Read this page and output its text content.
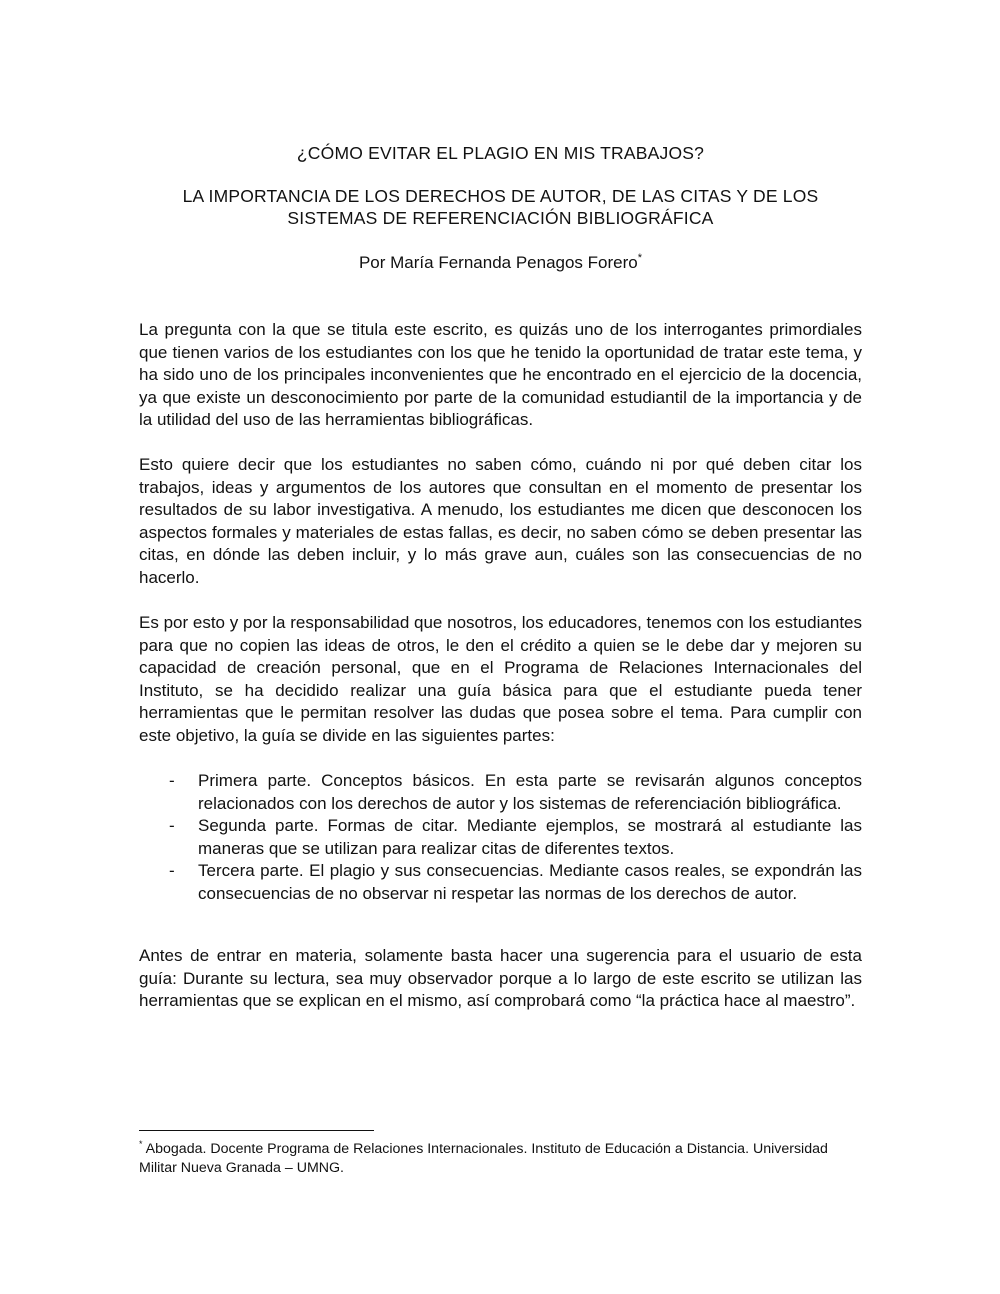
¿CÓMO EVITAR EL PLAGIO EN MIS TRABAJOS?
LA IMPORTANCIA DE LOS DERECHOS DE AUTOR, DE LAS CITAS Y DE LOS SISTEMAS DE REFERENCIACIÓN BIBLIOGRÁFICA
Por María Fernanda Penagos Forero*

La pregunta con la que se titula este escrito, es quizás uno de los interrogantes primordiales que tienen varios de los estudiantes con los que he tenido la oportunidad de tratar este tema, y ha sido uno de los principales inconvenientes que he encontrado en el ejercicio de la docencia, ya que existe un desconocimiento por parte de la comunidad estudiantil de la importancia y de la utilidad del uso de las herramientas bibliográficas.

Esto quiere decir que los estudiantes no saben cómo, cuándo ni por qué deben citar los trabajos, ideas y argumentos de los autores que consultan en el momento de presentar los resultados de su labor investigativa. A menudo, los estudiantes me dicen que desconocen los aspectos formales y materiales de estas fallas, es decir, no saben cómo se deben presentar las citas, en dónde las deben incluir, y lo más grave aun, cuáles son las consecuencias de no hacerlo.

Es por esto y por la responsabilidad que nosotros, los educadores, tenemos con los estudiantes para que no copien las ideas de otros, le den el crédito a quien se le debe dar y mejoren su capacidad de creación personal, que en el Programa de Relaciones Internacionales del Instituto, se ha decidido realizar una guía básica para que el estudiante pueda tener herramientas que le permitan resolver las dudas que posea sobre el tema. Para cumplir con este objetivo, la guía se divide en las siguientes partes:

- Primera parte. Conceptos básicos. En esta parte se revisarán algunos conceptos relacionados con los derechos de autor y los sistemas de referenciación bibliográfica.
- Segunda parte. Formas de citar. Mediante ejemplos, se mostrará al estudiante las maneras que se utilizan para realizar citas de diferentes textos.
- Tercera parte. El plagio y sus consecuencias. Mediante casos reales, se expondrán las consecuencias de no observar ni respetar las normas de los derechos de autor.

Antes de entrar en materia, solamente basta hacer una sugerencia para el usuario de esta guía: Durante su lectura, sea muy observador porque a lo largo de este escrito se utilizan las herramientas que se explican en el mismo, así comprobará como “la práctica hace al maestro”.

* Abogada. Docente Programa de Relaciones Internacionales. Instituto de Educación a Distancia. Universidad Militar Nueva Granada – UMNG.
